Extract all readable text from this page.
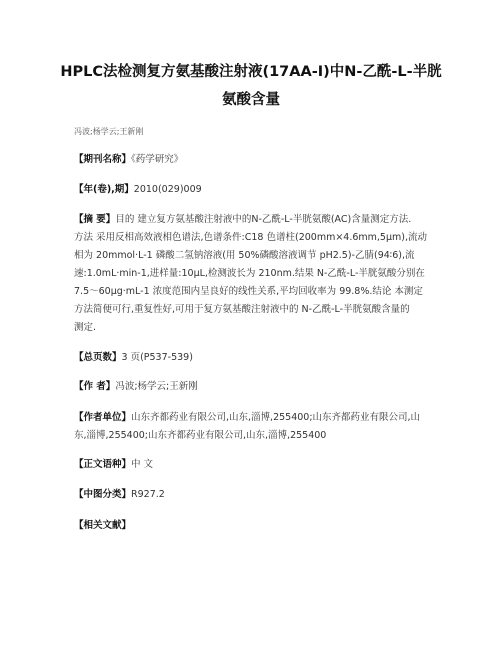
HPLC法检测复方氨基酸注射液(17AA-Ⅰ)中N-乙酰-L-半胱
氨酸含量
冯波;杨学云;王新刚
【期刊名称】《药学研究》
【年(卷),期】2010(029)009
【摘 要】目的 建立复方氨基酸注射液中的N-乙酰-L-半胱氨酸(AC)含量测定方法.
方法 采用反相高效液相色谱法,色谱条件:C18 色谱柱(200mm×4.6mm,5μm),流动
相为 20mmol·L-1 磷酸二氢钠溶液(用 50%磷酸溶液调节 pH2.5)-乙腈(94∶6),流
速:1.0mL·min-1,进样量:10μL,检测波长为 210nm.结果 N-乙酰-L-半胱氨酸分别在
7.5～60μg·mL-1 浓度范围内呈良好的线性关系,平均回收率为 99.8%.结论 本测定
方法简便可行,重复性好,可用于复方氨基酸注射液中的 N-乙酰-L-半胱氨酸含量的
测定.
【总页数】3 页(P537-539)
【作 者】冯波;杨学云;王新刚
【作者单位】山东齐都药业有限公司,山东,淄博,255400;山东齐都药业有限公司,山
东,淄博,255400;山东齐都药业有限公司,山东,淄博,255400
【正文语种】中 文
【中图分类】R927.2
【相关文献】
